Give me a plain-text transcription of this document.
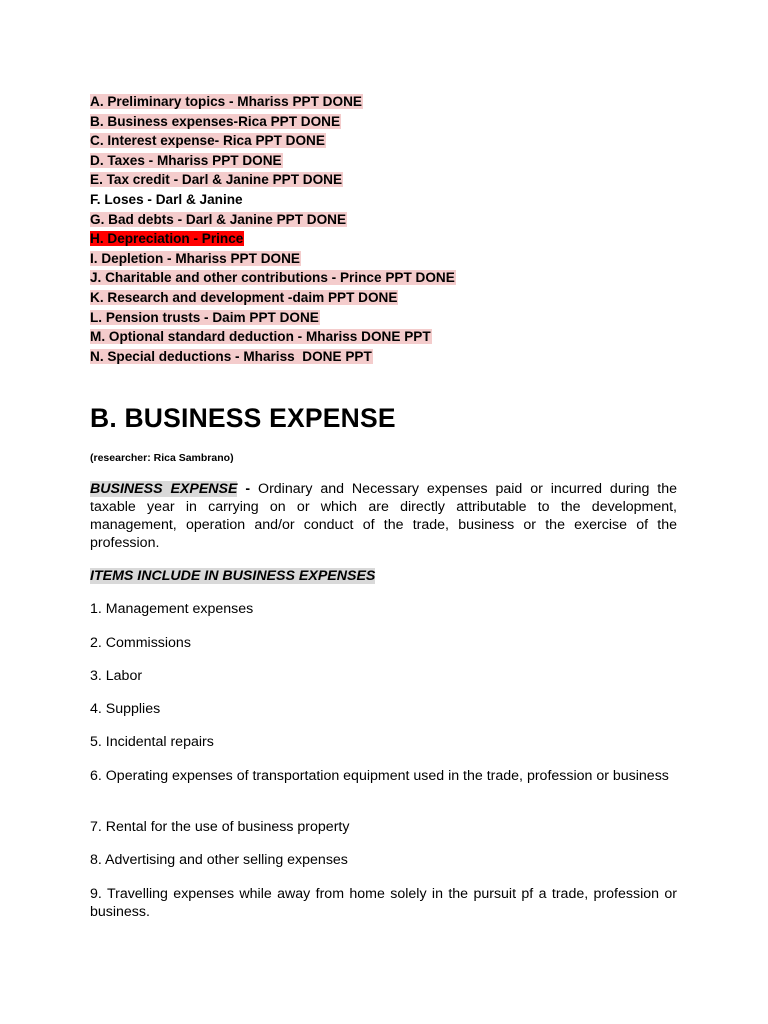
A. Preliminary topics - Mhariss PPT DONE
B. Business expenses-Rica PPT DONE
C. Interest expense- Rica PPT DONE
D. Taxes - Mhariss PPT DONE
E. Tax credit - Darl & Janine PPT DONE
F. Loses - Darl & Janine
G. Bad debts - Darl & Janine PPT DONE
H. Depreciation - Prince
I. Depletion - Mhariss PPT DONE
J. Charitable and other contributions - Prince PPT DONE
K. Research and development -daim PPT DONE
L. Pension trusts - Daim PPT DONE
M. Optional standard deduction - Mhariss DONE PPT
N. Special deductions - Mhariss  DONE PPT
B. BUSINESS EXPENSE
(researcher: Rica Sambrano)

BUSINESS EXPENSE - Ordinary and Necessary expenses paid or incurred during the taxable year in carrying on or which are directly attributable to the development, management, operation and/or conduct of the trade, business or the exercise of the profession.

ITEMS INCLUDE IN BUSINESS EXPENSES

1. Management expenses

2. Commissions

3. Labor

4. Supplies

5. Incidental repairs

6. Operating expenses of transportation equipment used in the trade, profession or business

7. Rental for the use of business property

8. Advertising and other selling expenses

9. Travelling expenses while away from home solely in the pursuit pf a trade, profession or business.
